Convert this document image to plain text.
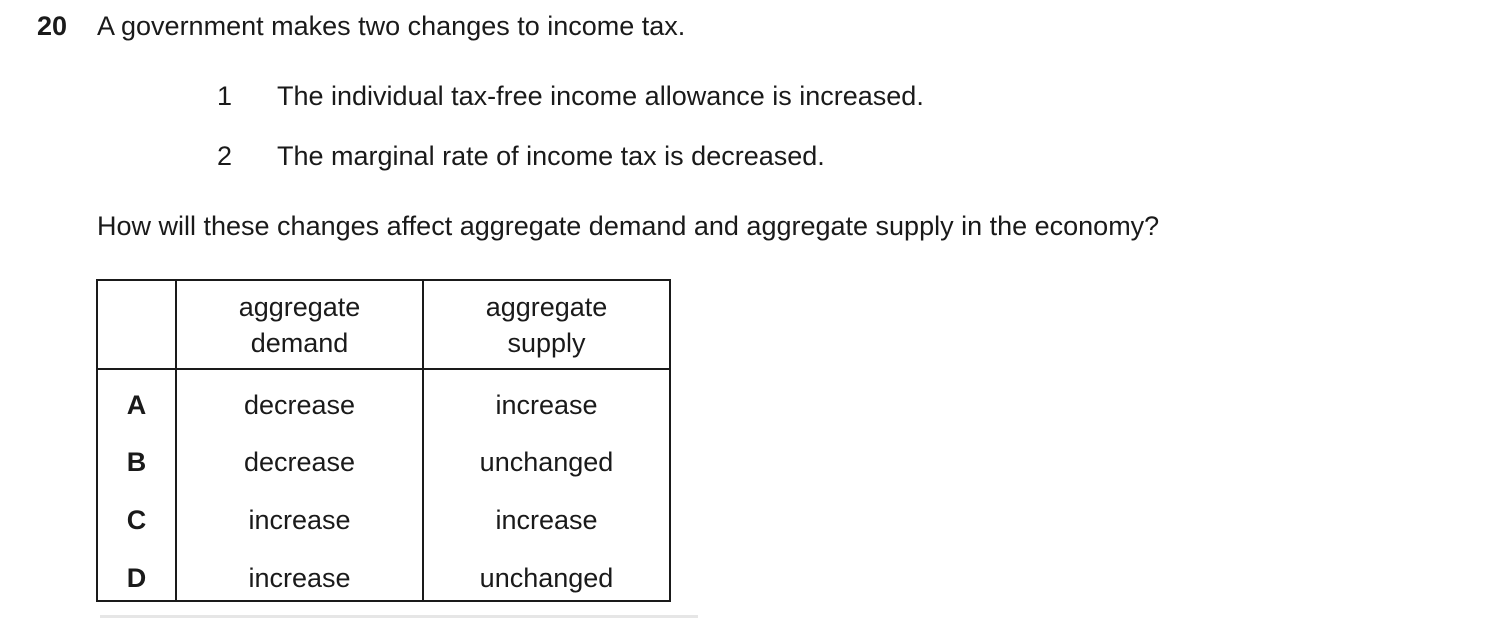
20 A government makes two changes to income tax.
1 The individual tax-free income allowance is increased.
2 The marginal rate of income tax is decreased.
How will these changes affect aggregate demand and aggregate supply in the economy?

	aggregate demand	aggregate supply

A	decrease	increase
B	decrease	unchanged
C	increase	increase
D	increase	unchanged
